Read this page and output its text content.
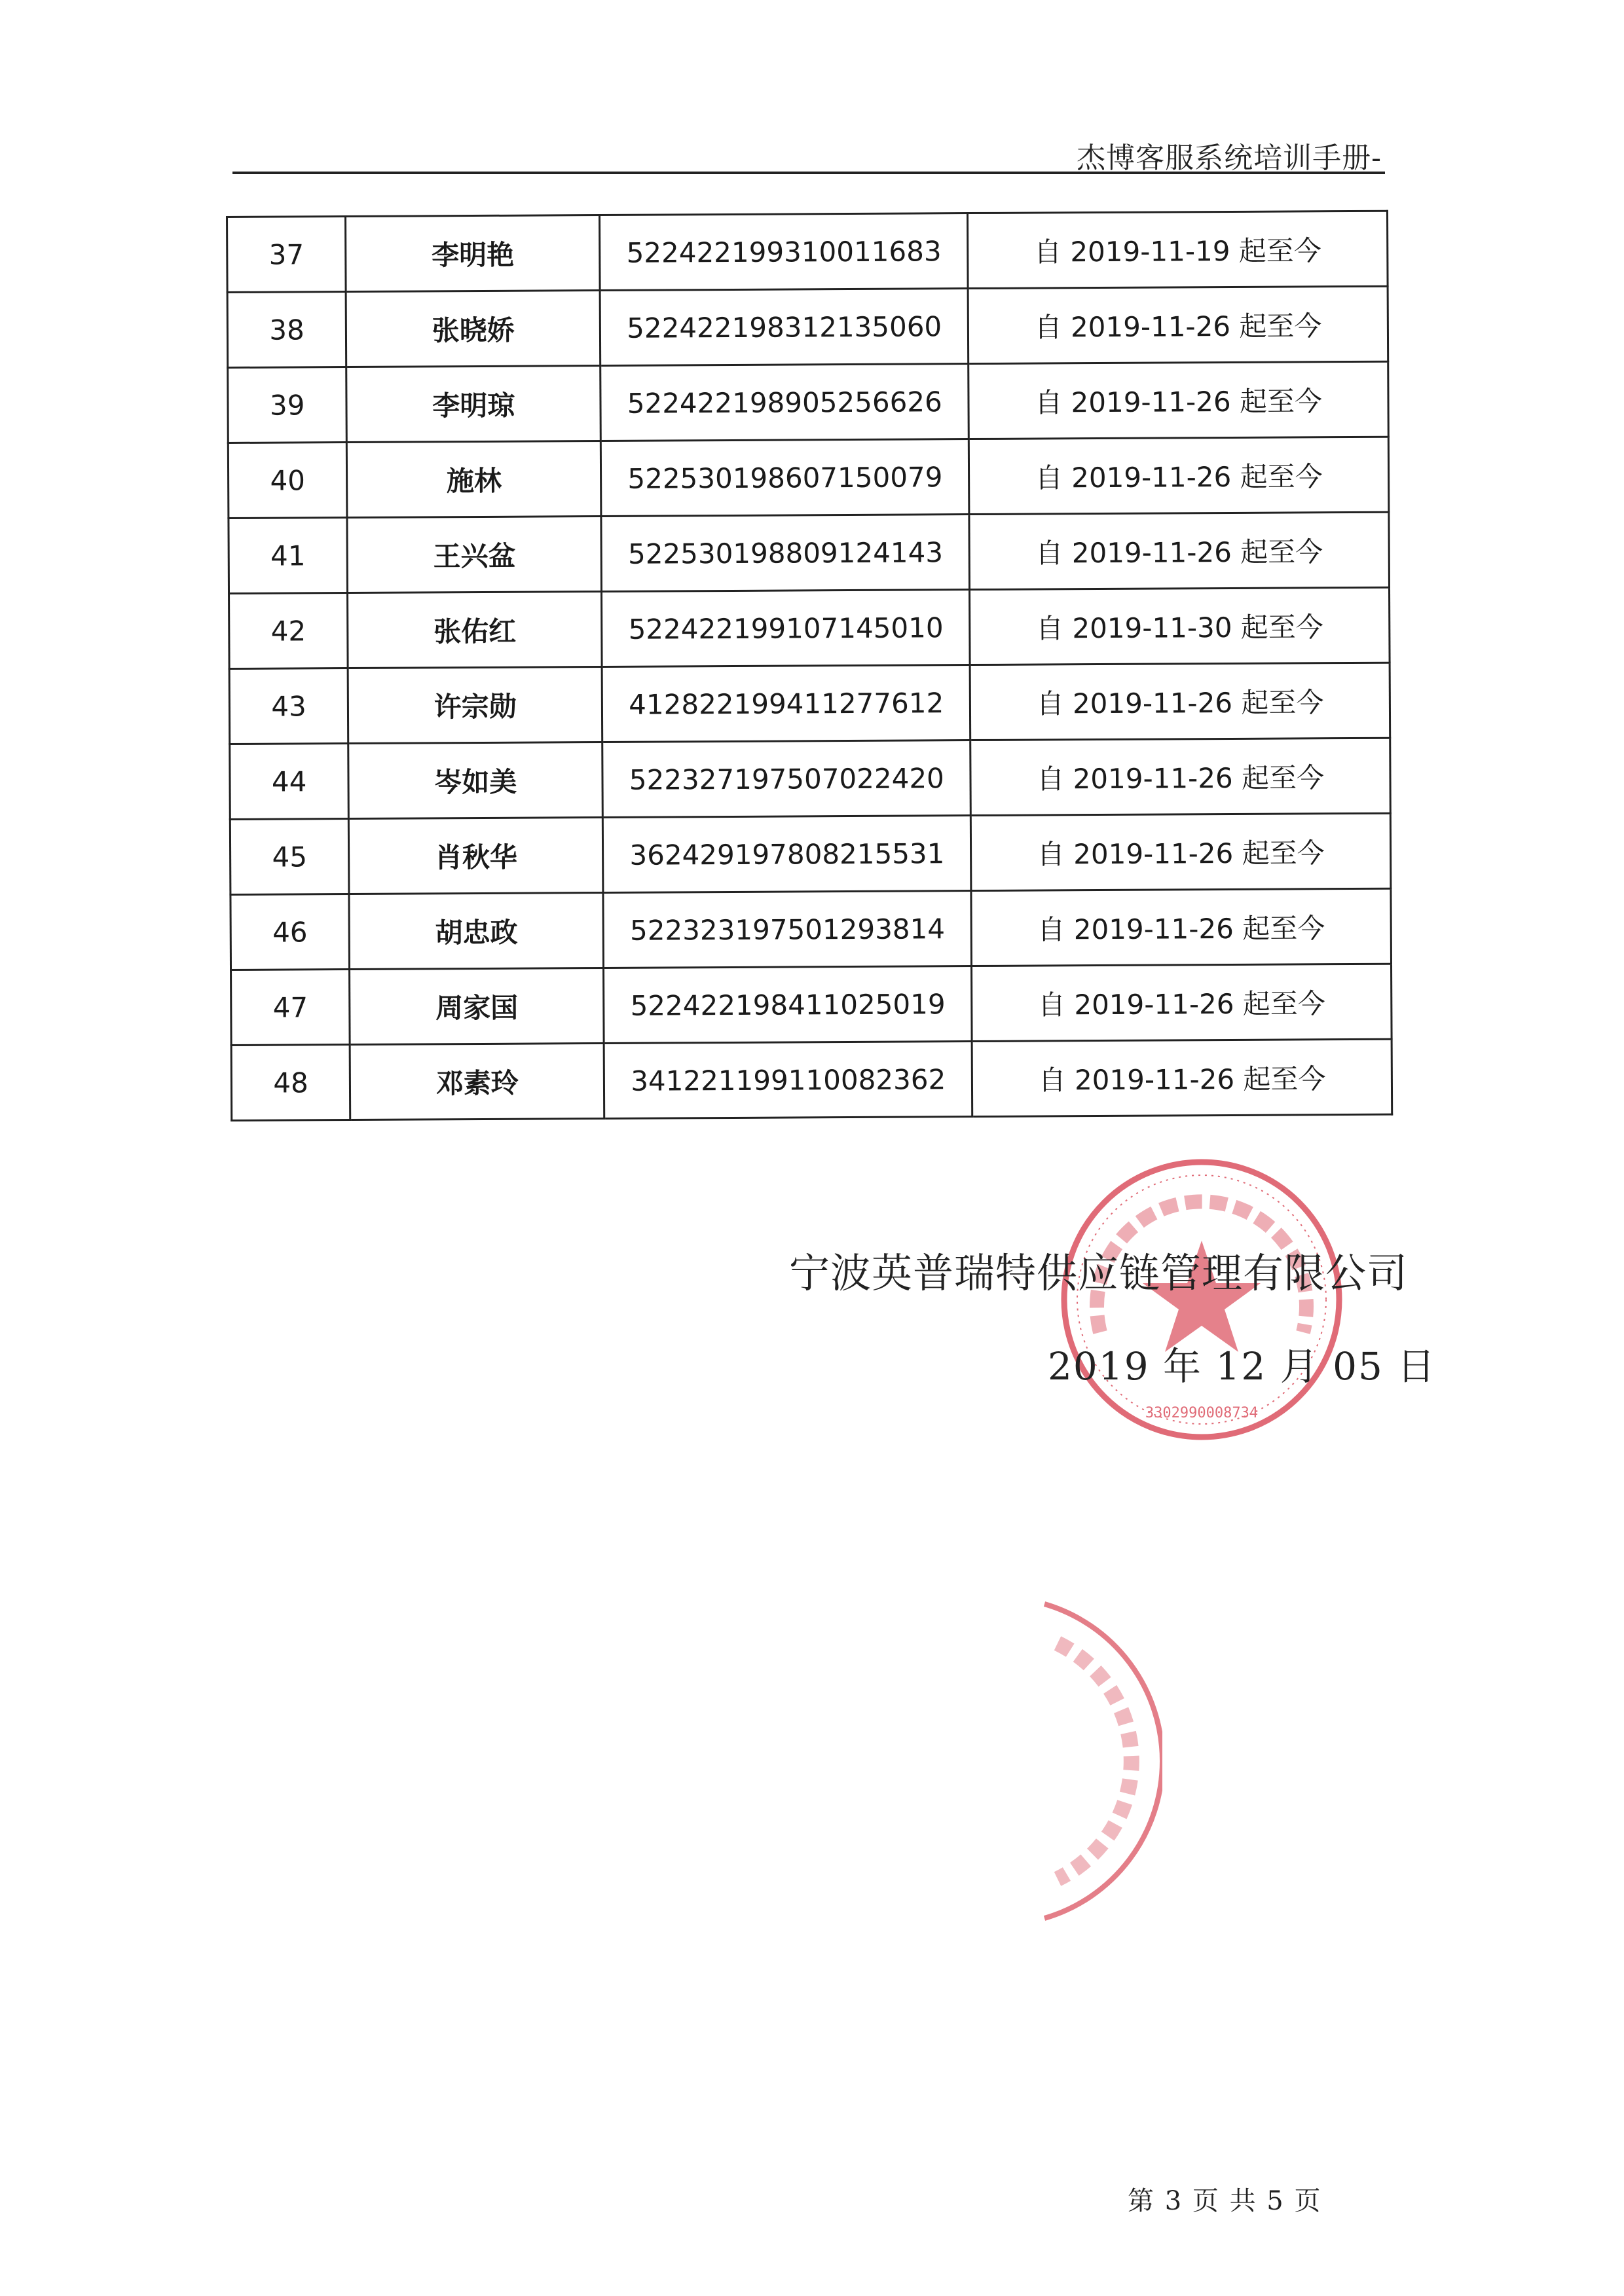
杰博客服系统培训手册-
37	李明艳	522422199310011683	自 2019-11-19 起至今
38	张晓娇	522422198312135060	自 2019-11-26 起至今
39	李明琼	522422198905256626	自 2019-11-26 起至今
40	施林	522530198607150079	自 2019-11-26 起至今
41	王兴盆	522530198809124143	自 2019-11-26 起至今
42	张佑红	522422199107145010	自 2019-11-30 起至今
43	许宗勋	412822199411277612	自 2019-11-26 起至今
44	岑如美	522327197507022420	自 2019-11-26 起至今
45	肖秋华	362429197808215531	自 2019-11-26 起至今
46	胡忠政	522323197501293814	自 2019-11-26 起至今
47	周家国	522422198411025019	自 2019-11-26 起至今
48	邓素玲	341221199110082362	自 2019-11-26 起至今
3302990008734
宁波英普瑞特供应链管理有限公司
2019 年 12 月 05 日
第 3 页 共 5 页
